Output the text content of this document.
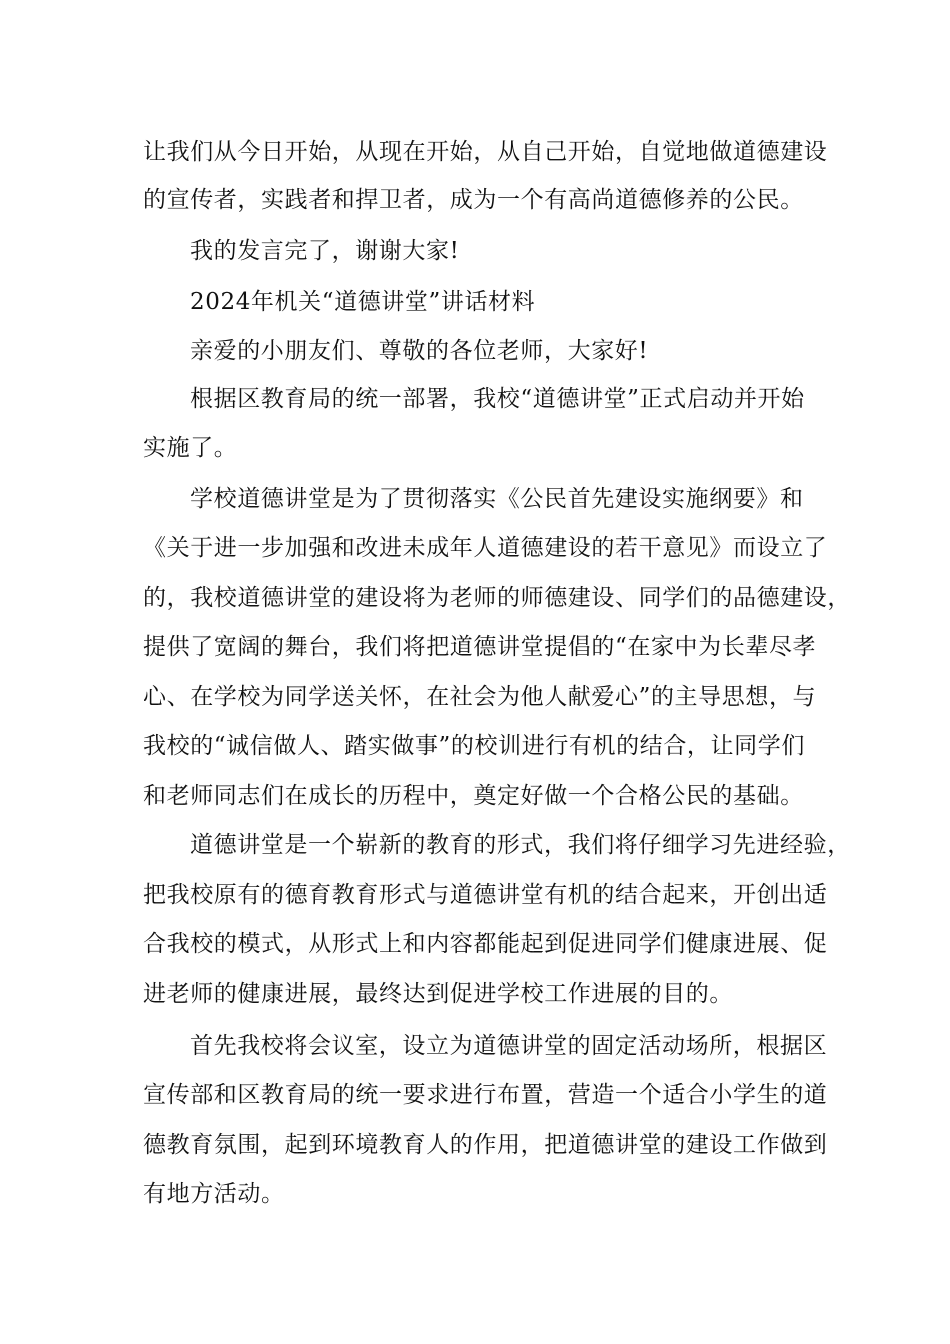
让我们从今日开始，从现在开始，从自己开始，自觉地做道德建设
的宣传者，实践者和捍卫者，成为一个有高尚道德修养的公民。
我的发言完了，谢谢大家!
2024年机关“道德讲堂”讲话材料
亲爱的小朋友们、尊敬的各位老师，大家好!
根据区教育局的统一部署，我校“道德讲堂”正式启动并开始
实施了。
学校道德讲堂是为了贯彻落实《公民首先建设实施纲要》和
《关于进一步加强和改进未成年人道德建设的若干意见》而设立了
的，我校道德讲堂的建设将为老师的师德建设、同学们的品德建设，
提供了宽阔的舞台，我们将把道德讲堂提倡的“在家中为长辈尽孝
心、在学校为同学送关怀，在社会为他人献爱心”的主导思想，与
我校的“诚信做人、踏实做事”的校训进行有机的结合，让同学们
和老师同志们在成长的历程中，奠定好做一个合格公民的基础。
道德讲堂是一个崭新的教育的形式，我们将仔细学习先进经验，
把我校原有的德育教育形式与道德讲堂有机的结合起来，开创出适
合我校的模式，从形式上和内容都能起到促进同学们健康进展、促
进老师的健康进展，最终达到促进学校工作进展的目的。
首先我校将会议室，设立为道德讲堂的固定活动场所，根据区
宣传部和区教育局的统一要求进行布置，营造一个适合小学生的道
德教育氛围，起到环境教育人的作用，把道德讲堂的建设工作做到
有地方活动。
